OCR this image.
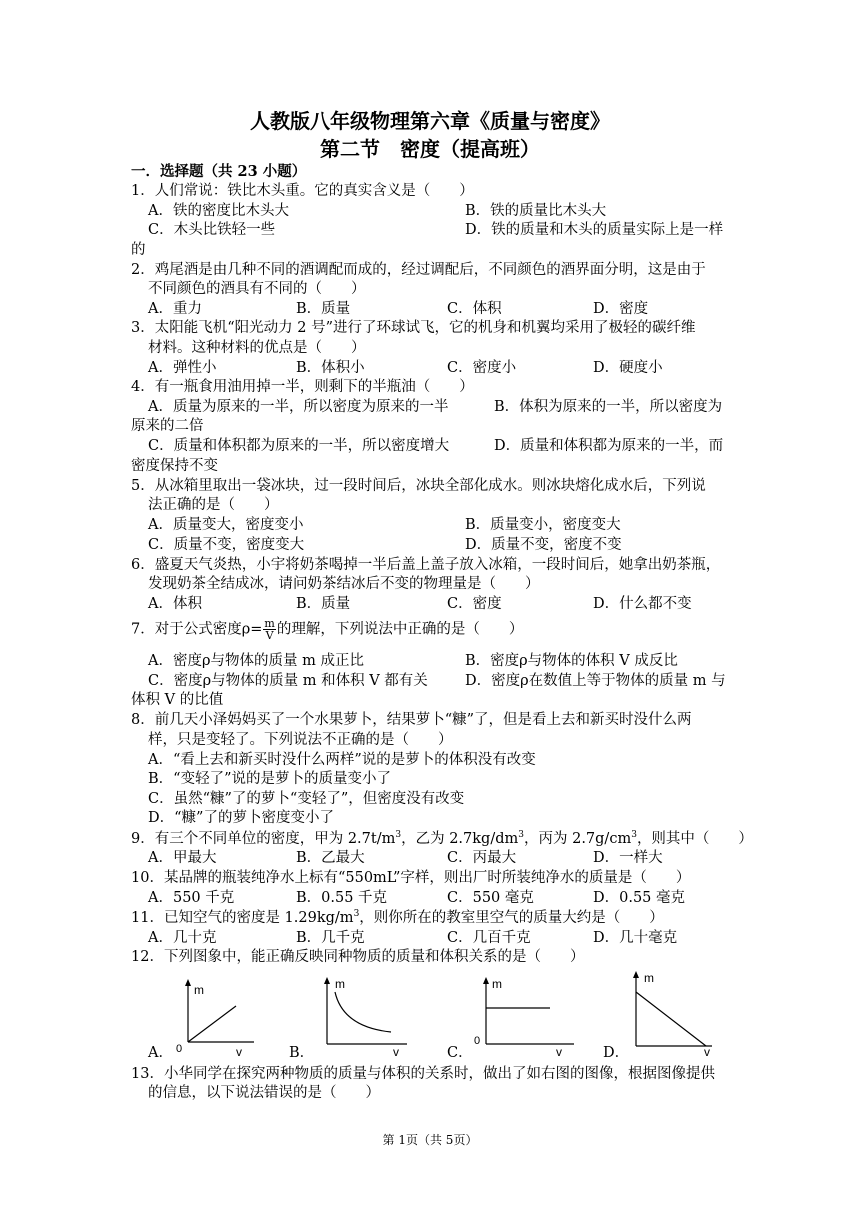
人教版八年级物理第六章《质量与密度》
第二节　密度（提高班）
一．选择题（共 23 小题）
1．人们常说：铁比木头重。它的真实含义是（　　）
A．铁的密度比木头大	B．铁的质量比木头大
C．木头比铁轻一些	D．铁的质量和木头的质量实际上是一样
的
2．鸡尾酒是由几种不同的酒调配而成的，经过调配后，不同颜色的酒界面分明，这是由于
不同颜色的酒具有不同的（　　）
A．重力	B．质量	C．体积	D．密度
3．太阳能飞机“阳光动力 2 号”进行了环球试飞，它的机身和机翼均采用了极轻的碳纤维
材料。这种材料的优点是（　　）
A．弹性小	B．体积小	C．密度小	D．硬度小
4．有一瓶食用油用掉一半，则剩下的半瓶油（　　）
A．质量为原来的一半，所以密度为原来的一半	B．体积为原来的一半，所以密度为
原来的二倍
C．质量和体积都为原来的一半，所以密度增大	D．质量和体积都为原来的一半，而
密度保持不变
5．从冰箱里取出一袋冰块，过一段时间后，冰块全部化成水。则冰块熔化成水后，下列说
法正确的是（　　）
A．质量变大，密度变小	B．质量变小，密度变大
C．质量不变，密度变大	D．质量不变，密度不变
6．盛夏天气炎热，小宇将奶茶喝掉一半后盖上盖子放入冰箱，一段时间后，她拿出奶茶瓶，
发现奶茶全结成冰，请问奶茶结冰后不变的物理量是（　　）
A．体积	B．质量	C．密度	D．什么都不变
7．对于公式密度$\rho= \frac{m}{V}$ 的理解，下列说法中正确的是（　　）
A．密度ρ与物体的质量 m 成正比	B．密度ρ与物体的体积 V 成反比
C．密度ρ与物体的质量 m 和体积 V 都有关	D．密度ρ在数值上等于物体的质量 m 与
体积 V 的比值
8．前几天小泽妈妈买了一个水果萝卜，结果萝卜“糠”了，但是看上去和新买时没什么两
样，只是变轻了。下列说法不正确的是（　　）
A．“看上去和新买时没什么两样”说的是萝卜的体积没有改变
B．“变轻了”说的是萝卜的质量变小了
C．虽然“糠”了的萝卜“变轻了”，但密度没有改变
D．“糠”了的萝卜密度变小了
9．有三个不同单位的密度，甲为 $2.7t/m^3$，乙为 $2.7kg/dm^3$，丙为 $2.7g/cm^3$，则其中（　　）
A．甲最大	B．乙最大	C．丙最大	D．一样大
10．某品牌的瓶装纯净水上标有“550mL”字样，则出厂时所装纯净水的质量是（　　）
A．550 千克	B．0.55 千克	C．550 毫克	D．0.55 毫克
11．已知空气的密度是 $1.29kg/m^3$，则你所在的教室里空气的质量大约是（　　）
A．几十克	B．几千克	C．几百千克	D．几十毫克
12．下列图象中，能正确反映同种物质的质量和体积关系的是（　　）
A．	B．	C．	D．
m
0	v
m
v
m
0
v
m
v
13．小华同学在探究两种物质的质量与体积的关系时，做出了如右图的图像，根据图像提供
的信息，以下说法错误的是（　　）
第 1页（共 5页）
